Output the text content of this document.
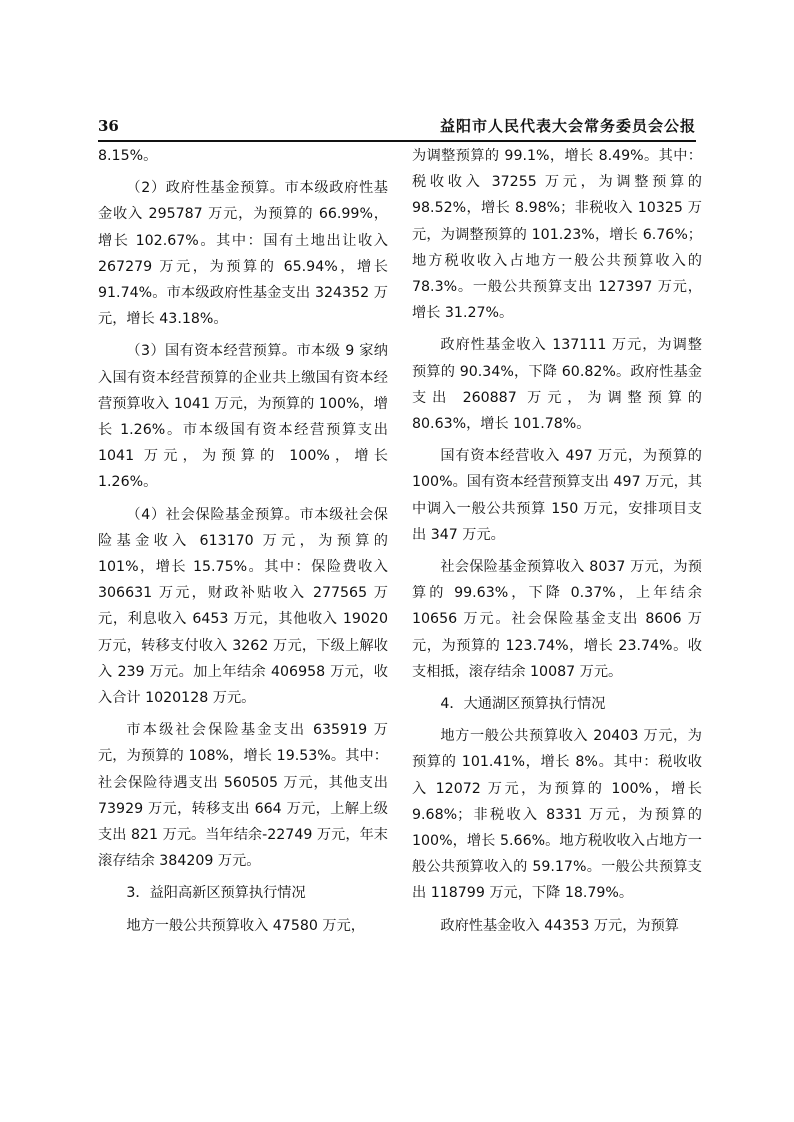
36	益阳市人民代表大会常务委员会公报

8.15%。

（2）政府性基金预算。市本级政府性基金收入 295787 万元，为预算的 66.99%，增长 102.67%。其中：国有土地出让收入 267279 万元，为预算的 65.94%，增长 91.74%。市本级政府性基金支出 324352 万元，增长 43.18%。

（3）国有资本经营预算。市本级 9 家纳入国有资本经营预算的企业共上缴国有资本经营预算收入 1041 万元，为预算的 100%，增长 1.26%。市本级国有资本经营预算支出 1041 万元，为预算的 100%，增长 1.26%。

（4）社会保险基金预算。市本级社会保险基金收入 613170 万元，为预算的 101%，增长 15.75%。其中：保险费收入 306631 万元，财政补贴收入 277565 万元，利息收入 6453 万元，其他收入 19020 万元，转移支付收入 3262 万元，下级上解收入 239 万元。加上年结余 406958 万元，收入合计 1020128 万元。

市本级社会保险基金支出 635919 万元，为预算的 108%，增长 19.53%。其中：社会保险待遇支出 560505 万元，其他支出 73929 万元，转移支出 664 万元，上解上级支出 821 万元。当年结余-22749 万元，年末滚存结余 384209 万元。

3．益阳高新区预算执行情况

地方一般公共预算收入 47580 万元，

为调整预算的 99.1%，增长 8.49%。其中：税收收入 37255 万元，为调整预算的 98.52%，增长 8.98%；非税收入 10325 万元，为调整预算的 101.23%，增长 6.76%；地方税收收入占地方一般公共预算收入的 78.3%。一般公共预算支出 127397 万元，增长 31.27%。

政府性基金收入 137111 万元，为调整预算的 90.34%，下降 60.82%。政府性基金支出 260887 万元，为调整预算的 80.63%，增长 101.78%。

国有资本经营收入 497 万元，为预算的 100%。国有资本经营预算支出 497 万元，其中调入一般公共预算 150 万元，安排项目支出 347 万元。

社会保险基金预算收入 8037 万元，为预算的 99.63%，下降 0.37%，上年结余 10656 万元。社会保险基金支出 8606 万元，为预算的 123.74%，增长 23.74%。收支相抵，滚存结余 10087 万元。

4．大通湖区预算执行情况

地方一般公共预算收入 20403 万元，为预算的 101.41%，增长 8%。其中：税收收入 12072 万元，为预算的 100%，增长 9.68%；非税收入 8331 万元，为预算的 100%，增长 5.66%。地方税收收入占地方一般公共预算收入的 59.17%。一般公共预算支出 118799 万元，下降 18.79%。

政府性基金收入 44353 万元，为预算
